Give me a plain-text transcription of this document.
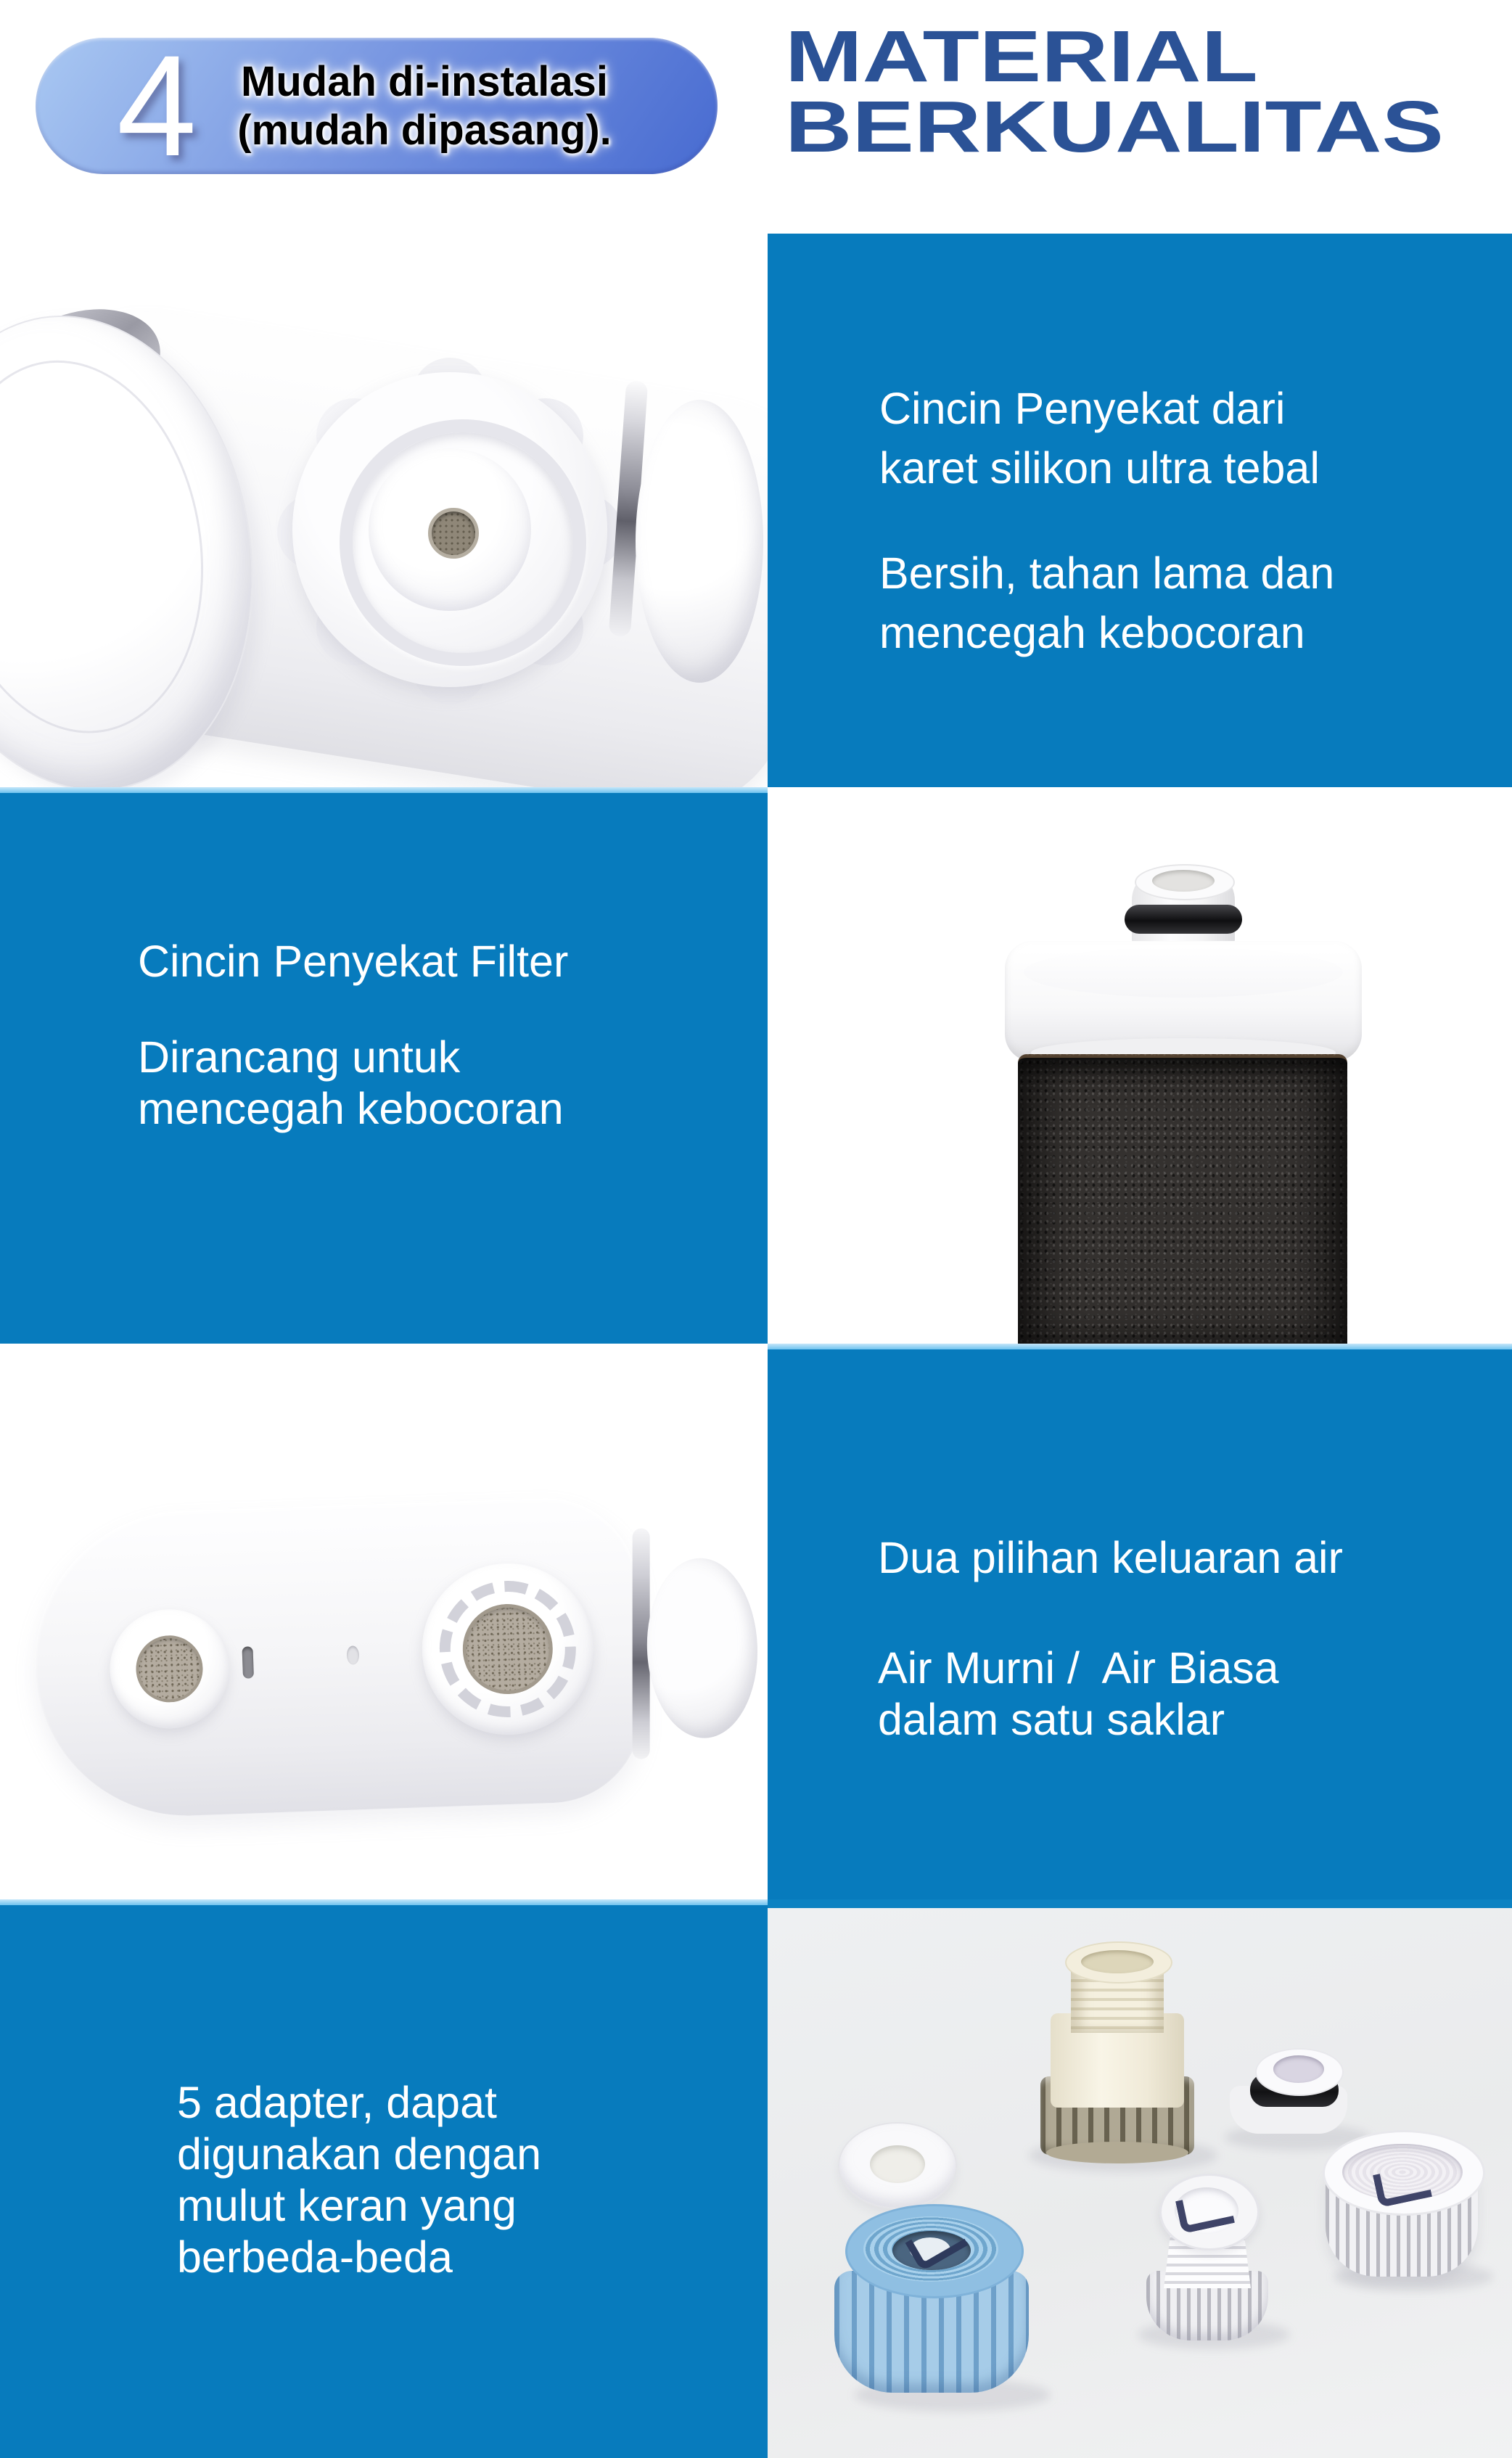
4	Mudah di-instalasi
(mudah dipasang).
MATERIAL
BERKUALITAS
Cincin Penyekat dari
karet silikon ultra tebal
Bersih, tahan lama dan
mencegah kebocoran
Cincin Penyekat Filter
Dirancang untuk
mencegah kebocoran
Dua pilihan keluaran air
Air Murni /  Air Biasa
dalam satu saklar
5 adapter, dapat
digunakan dengan
mulut keran yang
berbeda-beda
